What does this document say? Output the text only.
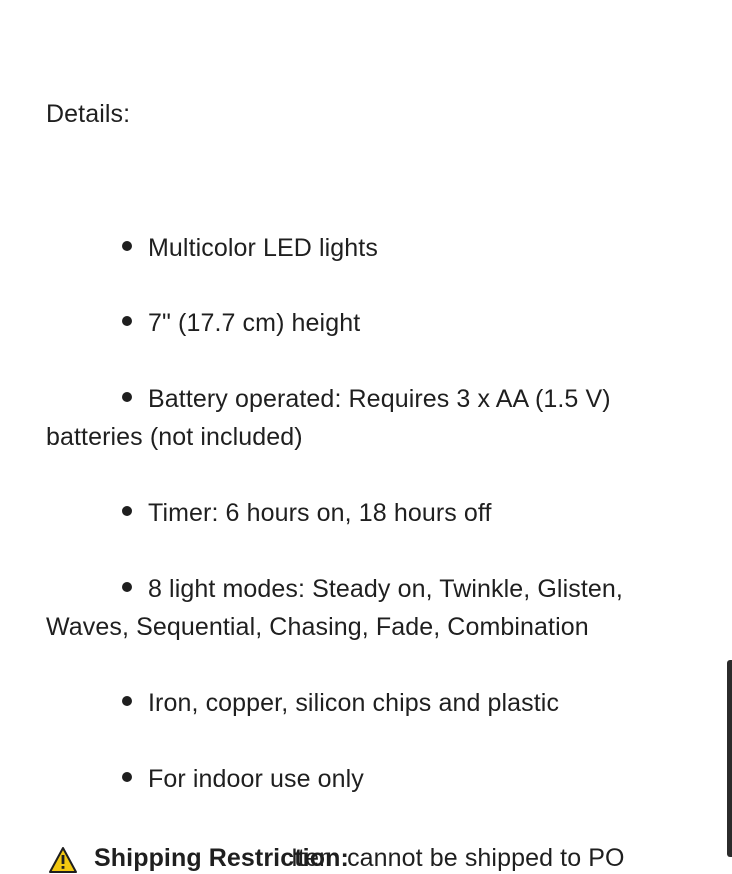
Details:
Multicolor LED lights
7" (17.7 cm) height
Battery operated: Requires 3 x AA (1.5 V) batteries (not included)
Timer: 6 hours on, 18 hours off
8 light modes: Steady on, Twinkle, Glisten, Waves, Sequential, Chasing, Fade, Combination
Iron, copper, silicon chips and plastic
For indoor use only
Shipping Restriction:
Item cannot be shipped to PO
